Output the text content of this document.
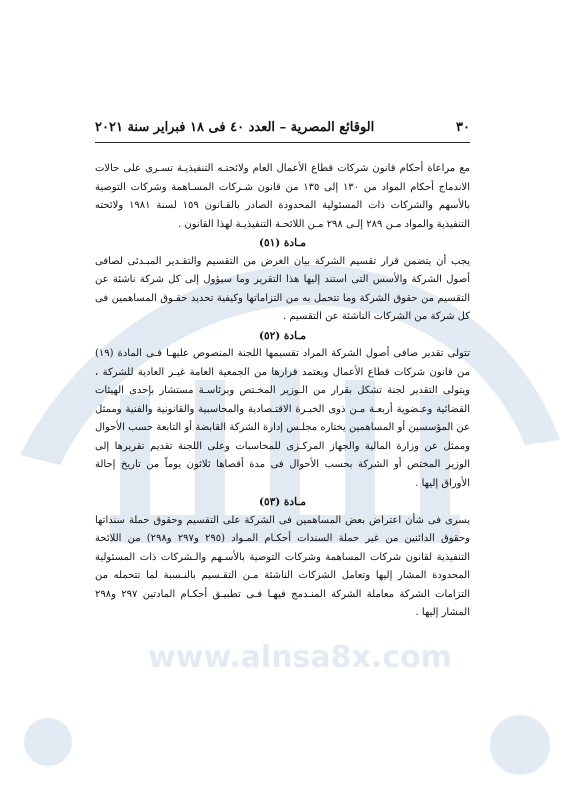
www.alnsa8x.com
٣٠
الوقائع المصرية – العدد ٤٠ فى ١٨ فبراير سنة ٢٠٢١

مع مراعاة أحكام قانون شركات قطاع الأعمال العام ولائحتـه التنفيذيـة تسـرى على حالات الاندماج أحكام المواد من ١٣٠ إلى ١٣٥ من قانون شـركات المسـاهمة وشركات التوصية بالأسهم والشركات ذات المسئولية المحدودة الصادر بالقـانون ١٥٩ لسنة ١٩٨١ ولائحته التنفيذية والمواد مـن ٢٨٩ إلـى ٢٩٨ مـن اللائحـة التنفيذيـة لهذا القانون .

مـادة (٥١)

يجب أن يتضمن قرار تقسيم الشركة بيان الغرض من التقسيم والتقـدير المبـدئى لصافى أصول الشركة والأسس التى استند إليها هذا التقرير وما سيؤول إلى كل شركة ناشئة عن التقسيم من حقوق الشركة وما تتحمل به من التزاماتها وكيفية تحديد حقـوق المساهمين فى كل شركة من الشركات الناشئة عن التقسيم .

مـادة (٥٢)

تتولى تقدير صافى أصول الشركة المراد تقسيمها اللجنة المنصوص عليهـا فـى المادة (١٩) من قانون شركات قطاع الأعمال ويعتمد قرارها من الجمعية العامة غيـر العادية للشركة ، ويتولى التقدير لجنة تشكل بقرار من الـوزير المخـتص وبرئاسـة مستشار بإحدى الهيئات القضائية وعـضوية أربعـة مـن ذوى الخبـرة الاقتـصادية والمحاسبية والقانونية والفنية وممثل عن المؤسسين أو المساهمين يختاره مجلـس إدارة الشركة القابضة أو التابعة حسب الأحوال وممثل عن وزارة المالية والجهاز المركـزى للمحاسبات وعلى اللجنة تقديم تقريرها إلى الوزير المختص أو الشركة بحسب الأحوال فى مدة أقصاها ثلاثون يوماً من تاريخ إحالة الأوراق إليها .

مـادة (٥٣)

يسرى فى شأن اعتراض بعض المساهمين فى الشركة على التقسيم وحقوق حملة سنداتها وحقوق الدائنين من غير حملة السندات أحكـام المـواد (٢٩٥ و٢٩٧ و٢٩٨) من اللائحة التنفيذية لقانون شركات المساهمة وشركات التوصية بالأسـهم والـشركات ذات المسئولية المحدودة المشار إليها وتعامل الشركات الناشئة مـن التقـسيم بالنـسبة لما تتحمله من التزامات الشركة معاملة الشركة المنـدمج فيهـا فـى تطبيـق أحكـام المادتين ٢٩٧ و٢٩٨ المشار إليها .
